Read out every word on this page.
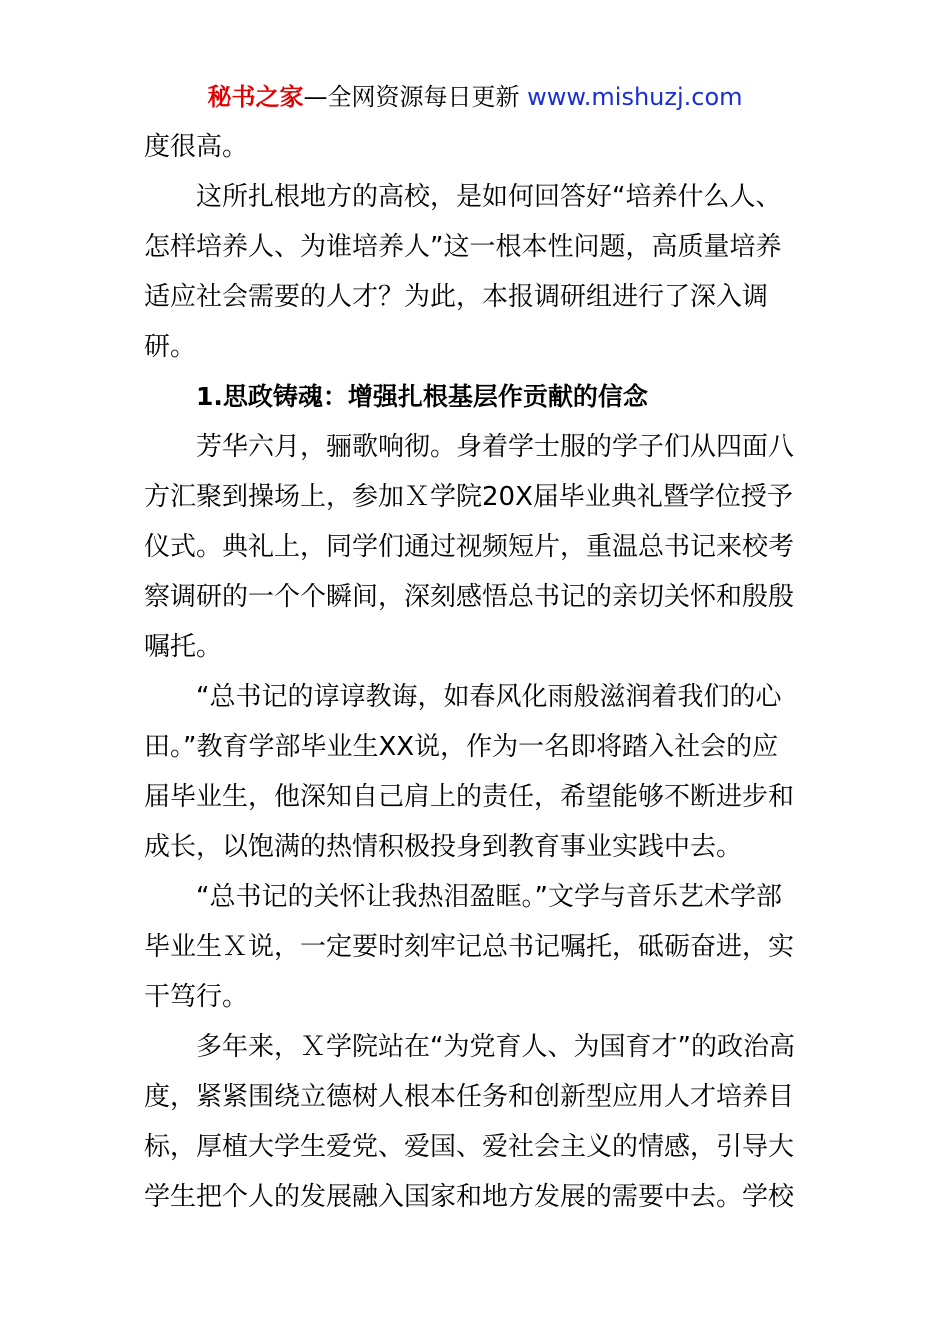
秘书之家—全网资源每日更新 www.mishuzj.com
度很高。
这所扎根地方的高校，是如何回答好“培养什么人、
怎样培养人、为谁培养人”这一根本性问题，高质量培养
适应社会需要的人才？为此，本报调研组进行了深入调
研。
1.思政铸魂：增强扎根基层作贡献的信念
芳华六月，骊歌响彻。身着学士服的学子们从四面八
方汇聚到操场上，参加Ｘ学院20X届毕业典礼暨学位授予
仪式。典礼上，同学们通过视频短片，重温总书记来校考
察调研的一个个瞬间，深刻感悟总书记的亲切关怀和殷殷
嘱托。
“总书记的谆谆教诲，如春风化雨般滋润着我们的心
田。”教育学部毕业生XX说，作为一名即将踏入社会的应
届毕业生，他深知自己肩上的责任，希望能够不断进步和
成长，以饱满的热情积极投身到教育事业实践中去。
“总书记的关怀让我热泪盈眶。”文学与音乐艺术学部
毕业生Ｘ说，一定要时刻牢记总书记嘱托，砥砺奋进，实
干笃行。
多年来，Ｘ学院站在“为党育人、为国育才”的政治高
度，紧紧围绕立德树人根本任务和创新型应用人才培养目
标，厚植大学生爱党、爱国、爱社会主义的情感，引导大
学生把个人的发展融入国家和地方发展的需要中去。学校
